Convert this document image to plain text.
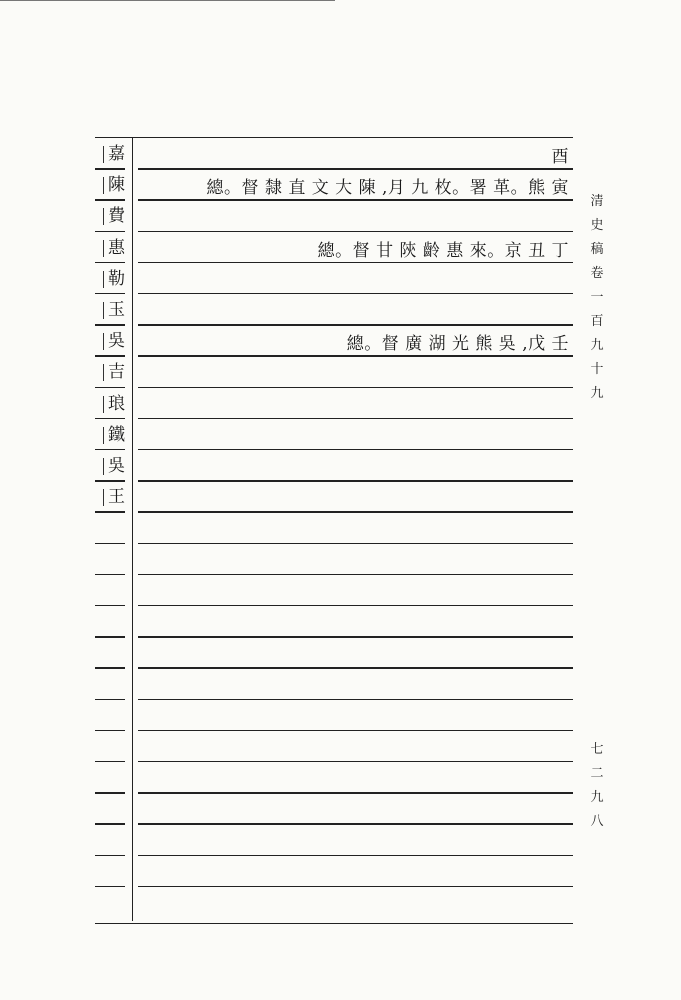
嘉
陳
費
惠
勒
玉
吳
吉
琅
鐵
吳
王
酉
總。督 隸 直 文 大 陳 ,月 九 枚。署 革。熊 寅
總。督 甘 陝 齡 惠 來。京 丑 丁
總。督 廣 湖 光 熊 吳 ,戊 壬
清
史
稿
卷
一
百
九
十
九
七
二
九
八
